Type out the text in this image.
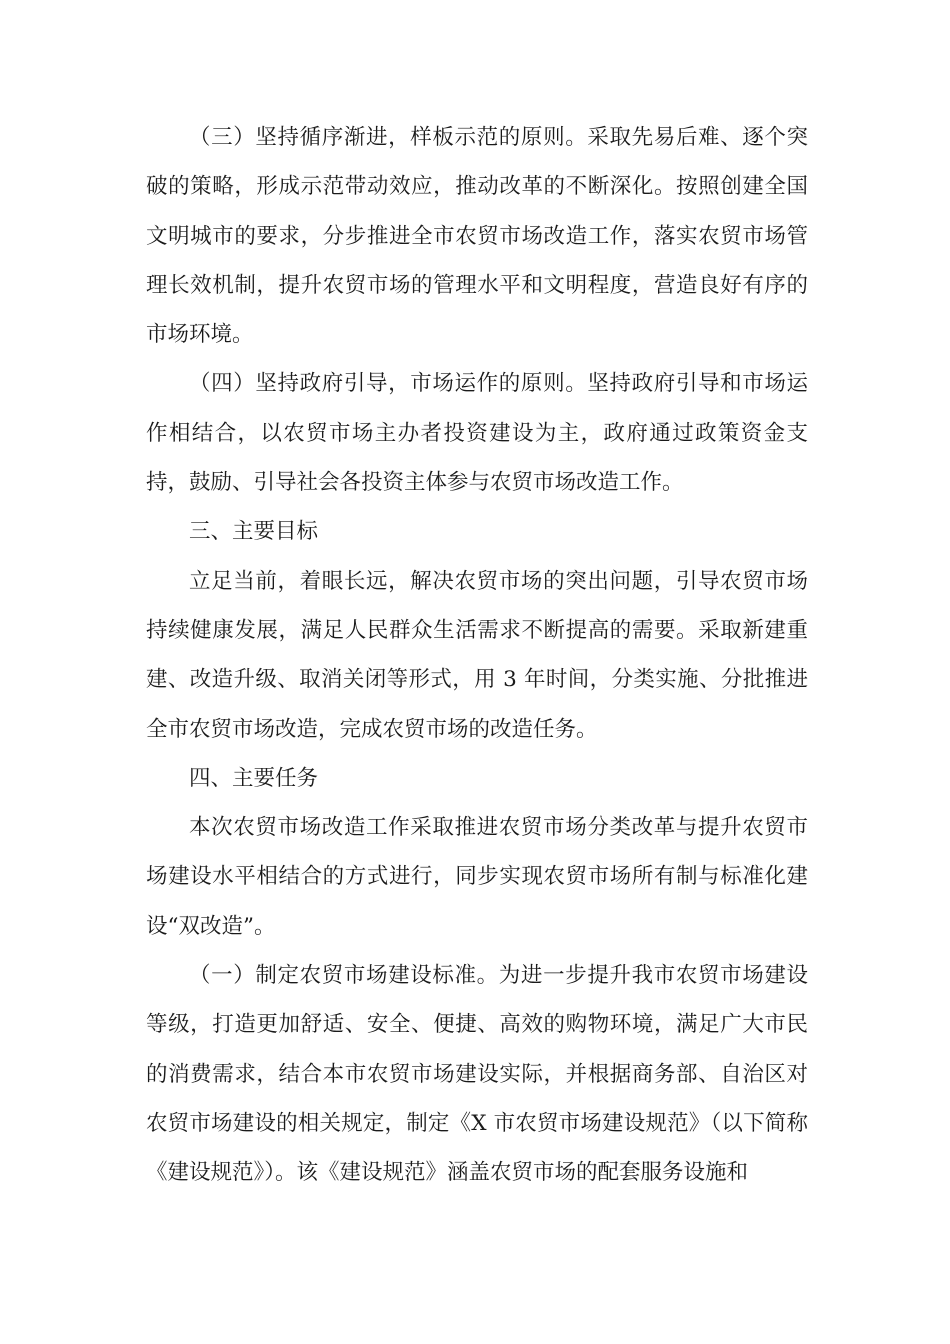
（三）坚持循序渐进，样板示范的原则。采取先易后难、逐个突破的策略，形成示范带动效应，推动改革的不断深化。按照创建全国文明城市的要求，分步推进全市农贸市场改造工作，落实农贸市场管理长效机制，提升农贸市场的管理水平和文明程度，营造良好有序的市场环境。

（四）坚持政府引导，市场运作的原则。坚持政府引导和市场运作相结合，以农贸市场主办者投资建设为主，政府通过政策资金支持，鼓励、引导社会各投资主体参与农贸市场改造工作。

三、主要目标

立足当前，着眼长远，解决农贸市场的突出问题，引导农贸市场持续健康发展，满足人民群众生活需求不断提高的需要。采取新建重建、改造升级、取消关闭等形式，用 3 年时间，分类实施、分批推进全市农贸市场改造，完成农贸市场的改造任务。

四、主要任务

本次农贸市场改造工作采取推进农贸市场分类改革与提升农贸市场建设水平相结合的方式进行，同步实现农贸市场所有制与标准化建设“双改造”。

（一）制定农贸市场建设标准。为进一步提升我市农贸市场建设等级，打造更加舒适、安全、便捷、高效的购物环境，满足广大市民的消费需求，结合本市农贸市场建设实际，并根据商务部、自治区对农贸市场建设的相关规定，制定《X 市农贸市场建设规范》（以下简称《建设规范》）。该《建设规范》涵盖农贸市场的配套服务设施和
